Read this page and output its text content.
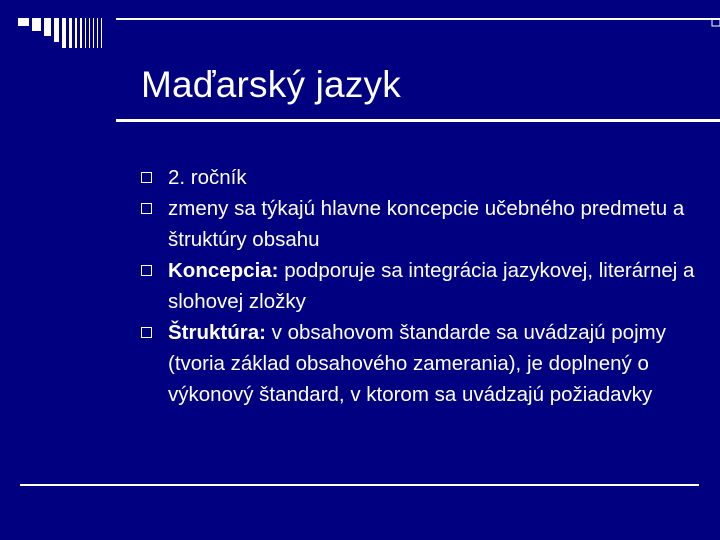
Maďarský jazyk
2. ročník
zmeny sa týkajú hlavne koncepcie učebného predmetu a štruktúry obsahu
Koncepcia: podporuje sa integrácia jazykovej, literárnej a slohovej zložky
Štruktúra: v obsahovom štandarde sa uvádzajú pojmy (tvoria základ obsahového zamerania), je doplnený o výkonový štandard, v ktorom sa uvádzajú požiadavky
